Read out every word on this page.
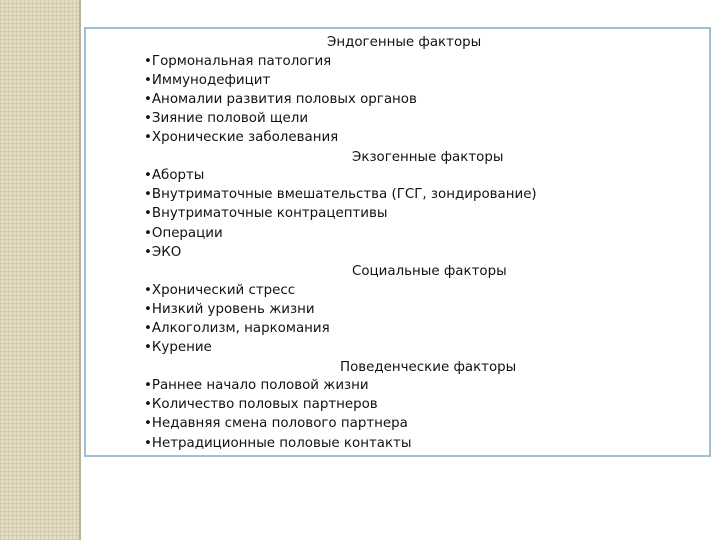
Эндогенные факторы
•Гормональная патология
•Иммунодефицит
•Аномалии развития половых органов
•Зияние половой щели
•Хронические заболевания
Экзогенные факторы
•Аборты
•Внутриматочные вмешательства (ГСГ, зондирование)
•Внутриматочные контрацептивы
•Операции
•ЭКО
Социальные факторы
•Хронический стресс
•Низкий уровень жизни
•Алкоголизм, наркомания
•Курение
Поведенческие факторы
•Раннее начало половой жизни
•Количество половых партнеров
•Недавняя смена полового партнера
•Нетрадиционные половые контакты
